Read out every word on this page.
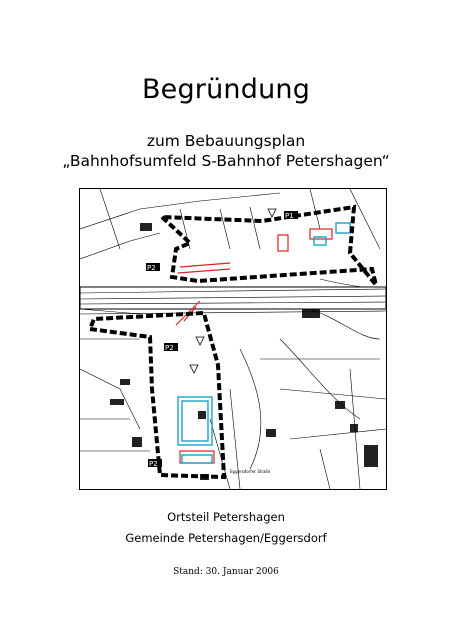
Begründung
zum Bebauungsplan
„Bahnhofsumfeld S-Bahnhof Petershagen“
P1
P2
P2
P2
Eggersdorfer Straße
Ortsteil Petershagen
Gemeinde Petershagen/Eggersdorf
Stand: 30. Januar 2006
